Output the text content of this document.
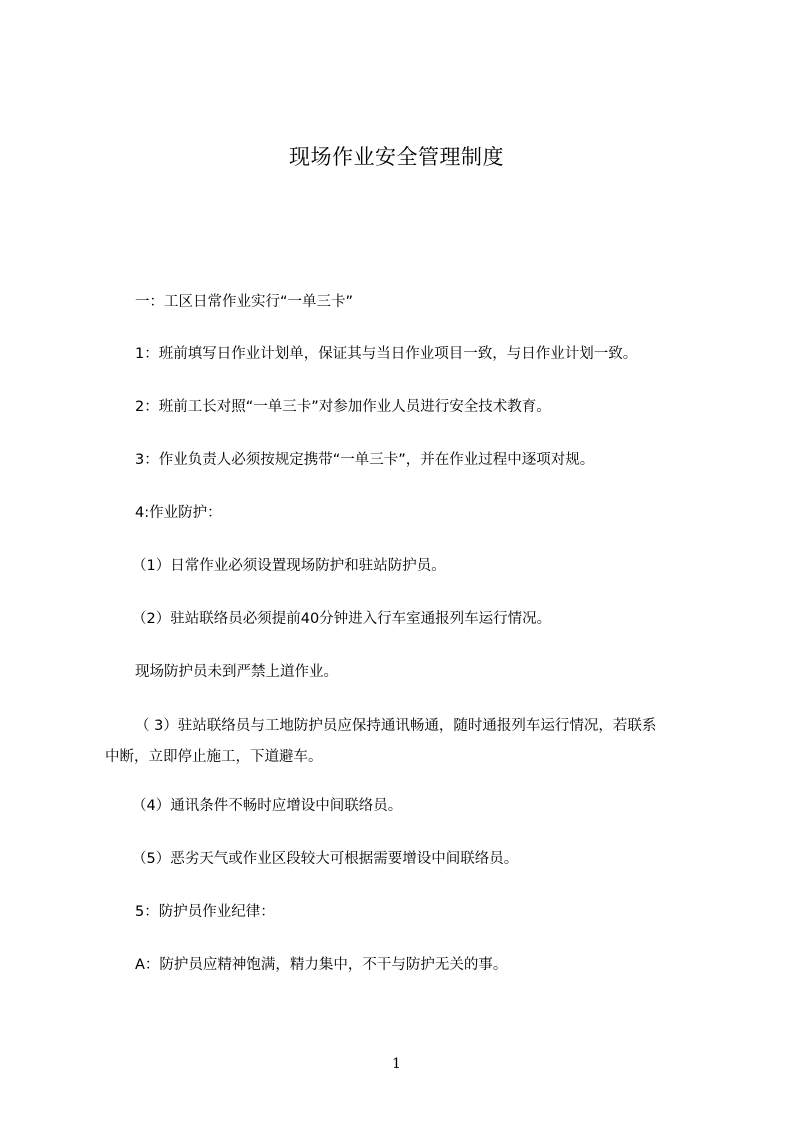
现场作业安全管理制度
一：工区日常作业实行“一单三卡”
1：班前填写日作业计划单，保证其与当日作业项目一致，与日作业计划一致。
2：班前工长对照“一单三卡”对参加作业人员进行安全技术教育。
3：作业负责人必须按规定携带“一单三卡”，并在作业过程中逐项对规。
4:作业防护：
（1）日常作业必须设置现场防护和驻站防护员。
（2）驻站联络员必须提前40分钟进入行车室通报列车运行情况。
现场防护员未到严禁上道作业。
（ 3）驻站联络员与工地防护员应保持通讯畅通，随时通报列车运行情况，若联系
中断，立即停止施工，下道避车。
（4）通讯条件不畅时应增设中间联络员。
（5）恶劣天气或作业区段较大可根据需要增设中间联络员。
5：防护员作业纪律：
A：防护员应精神饱满，精力集中，不干与防护无关的事。
1
